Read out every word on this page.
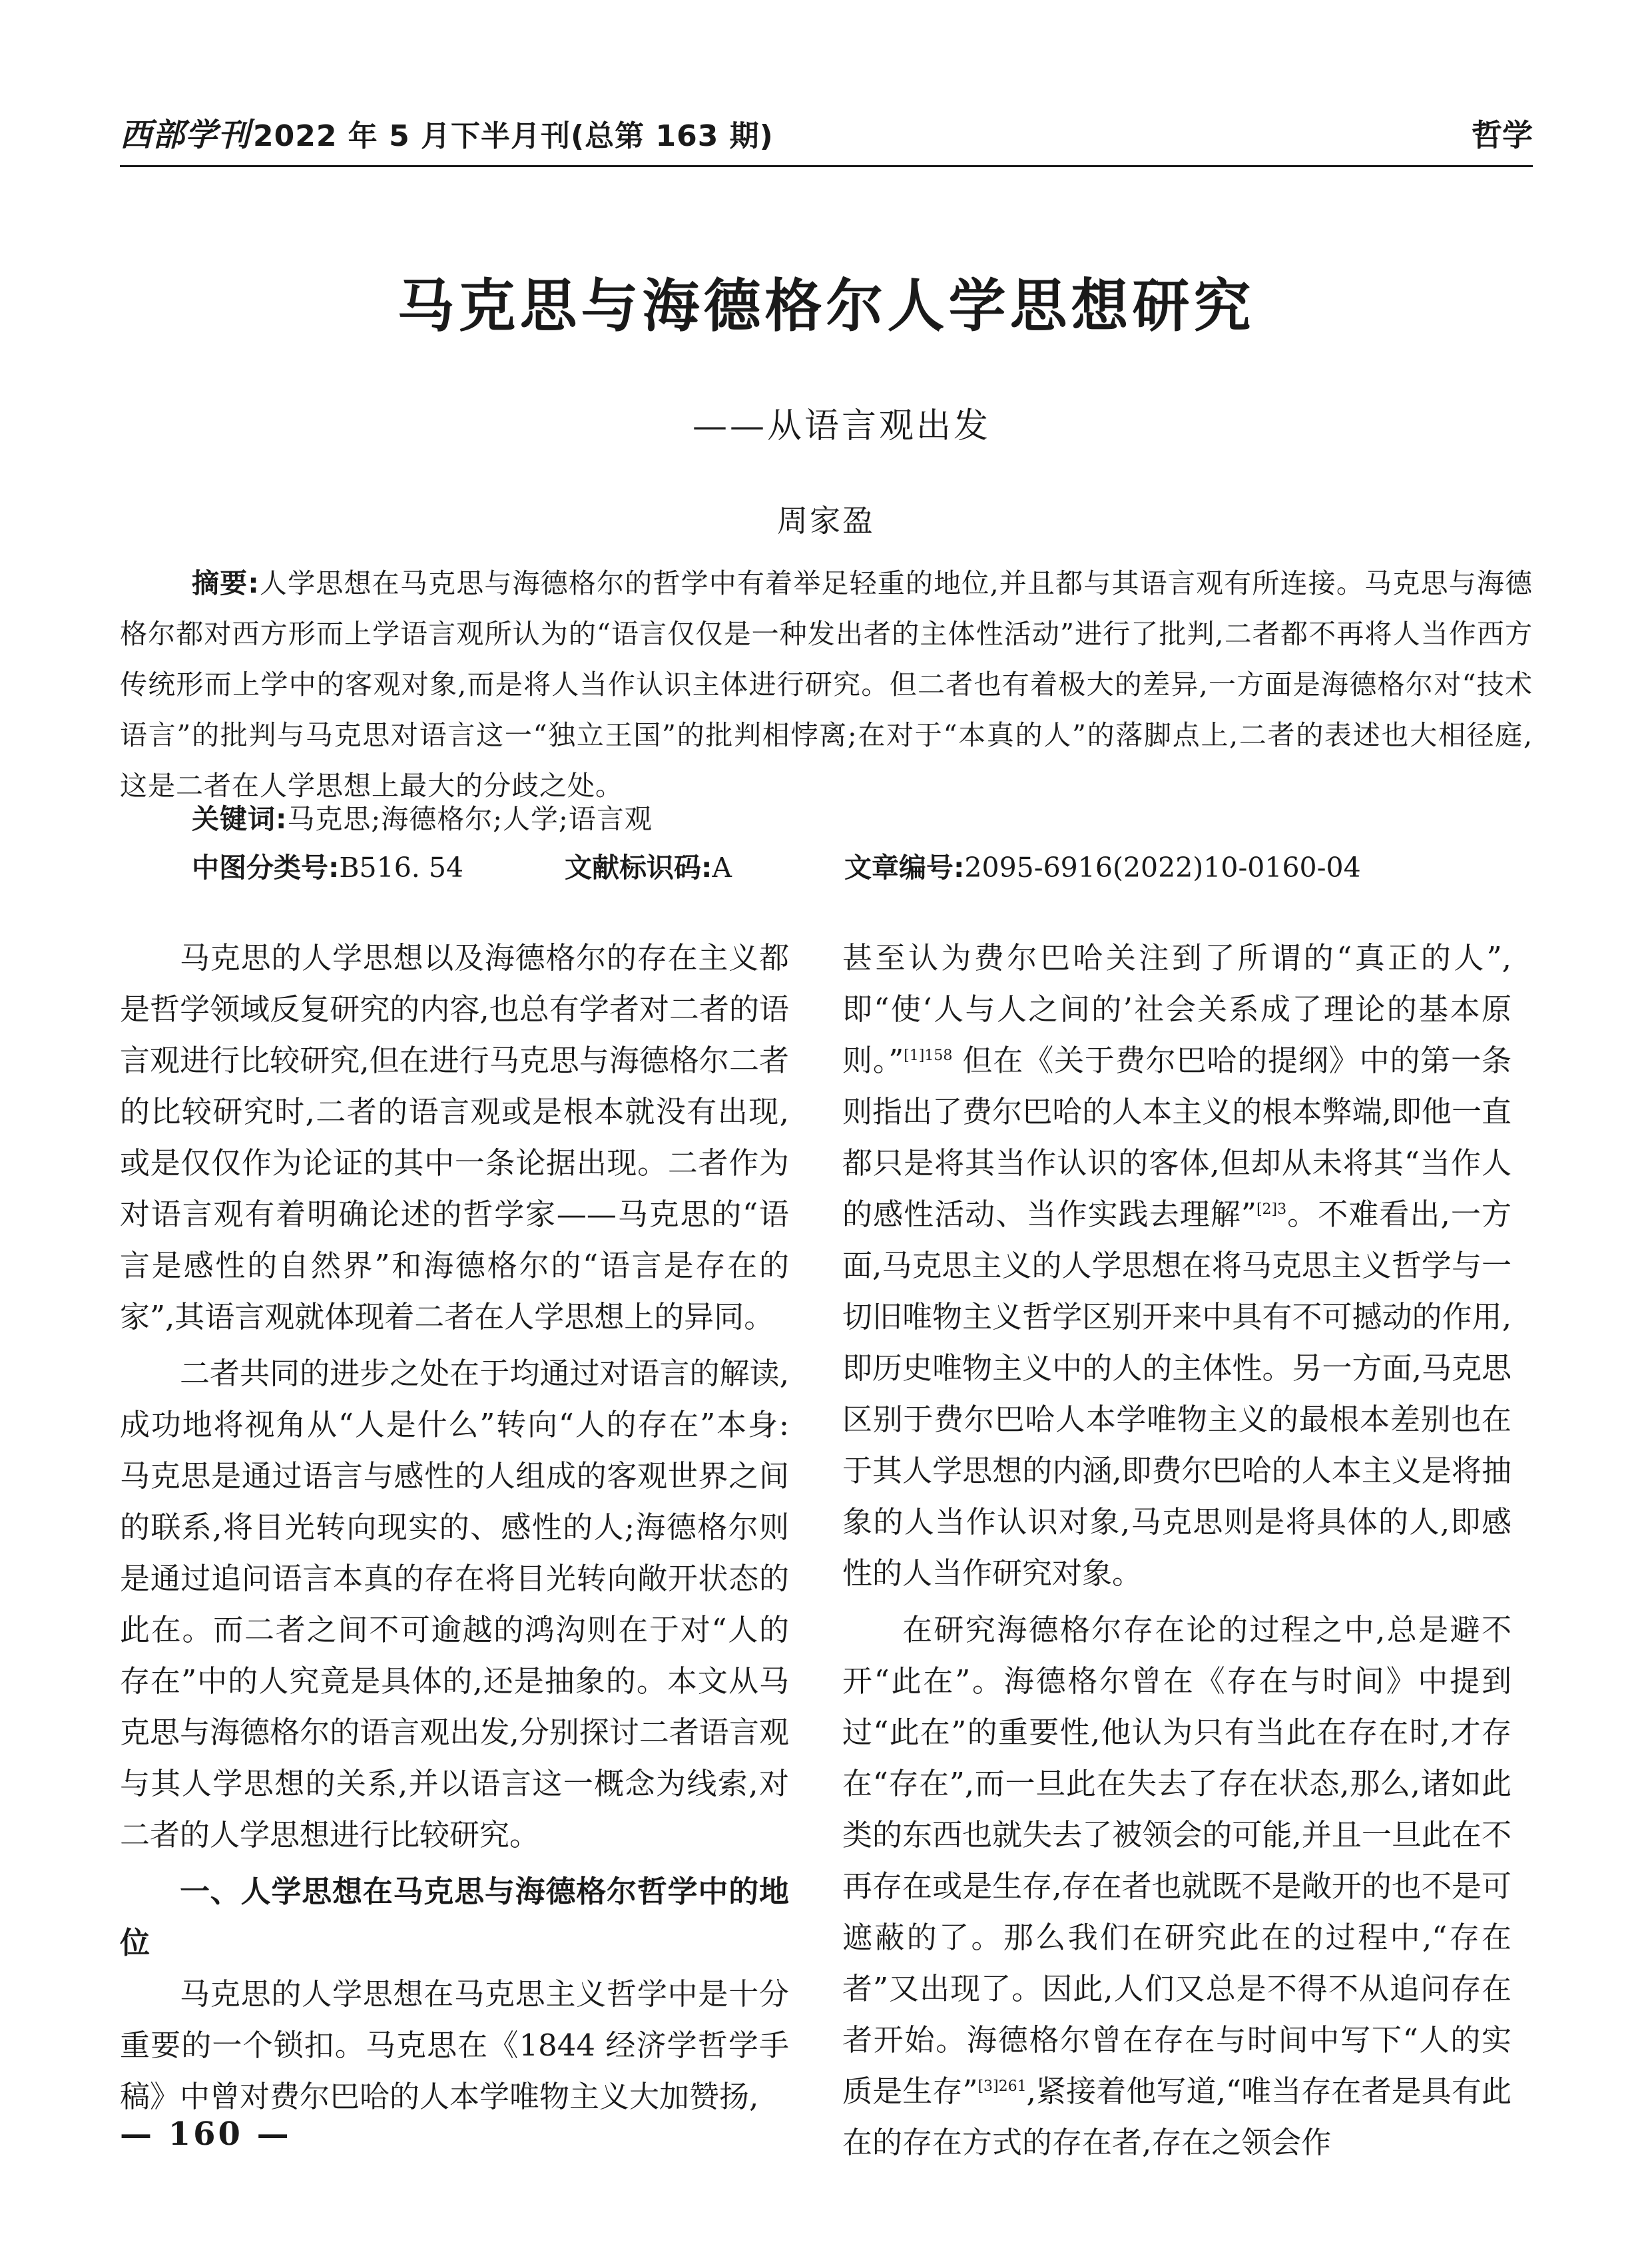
西部学刊2022 年 5 月下半月刊(总第 163 期)	哲学
马克思与海德格尔人学思想研究
——从语言观出发
周家盈

摘要:人学思想在马克思与海德格尔的哲学中有着举足轻重的地位,并且都与其语言观有所连接。马克思与海德格尔都对西方形而上学语言观所认为的“语言仅仅是一种发出者的主体性活动”进行了批判,二者都不再将人当作西方传统形而上学中的客观对象,而是将人当作认识主体进行研究。但二者也有着极大的差异,一方面是海德格尔对“技术语言”的批判与马克思对语言这一“独立王国”的批判相悖离;在对于“本真的人”的落脚点上,二者的表述也大相径庭,这是二者在人学思想上最大的分歧之处。

关键词:马克思;海德格尔;人学;语言观
中图分类号:B516. 54	文献标识码:A	文章编号:2095-6916(2022)10-0160-04

马克思的人学思想以及海德格尔的存在主义都是哲学领域反复研究的内容,也总有学者对二者的语言观进行比较研究,但在进行马克思与海德格尔二者的比较研究时,二者的语言观或是根本就没有出现,或是仅仅作为论证的其中一条论据出现。二者作为对语言观有着明确论述的哲学家——马克思的“语言是感性的自然界”和海德格尔的“语言是存在的家”,其语言观就体现着二者在人学思想上的异同。

二者共同的进步之处在于均通过对语言的解读,成功地将视角从“人是什么”转向“人的存在”本身:马克思是通过语言与感性的人组成的客观世界之间的联系,将目光转向现实的、感性的人;海德格尔则是通过追问语言本真的存在将目光转向敞开状态的此在。而二者之间不可逾越的鸿沟则在于对“人的存在”中的人究竟是具体的,还是抽象的。本文从马克思与海德格尔的语言观出发,分别探讨二者语言观与其人学思想的关系,并以语言这一概念为线索,对二者的人学思想进行比较研究。

一、人学思想在马克思与海德格尔哲学中的地位

马克思的人学思想在马克思主义哲学中是十分重要的一个锁扣。马克思在《1844 经济学哲学手稿》中曾对费尔巴哈的人本学唯物主义大加赞扬,

甚至认为费尔巴哈关注到了所谓的“真正的人”,即“使‘人与人之间的’社会关系成了理论的基本原则。”$^{[1]158}$ 但在《关于费尔巴哈的提纲》中的第一条则指出了费尔巴哈的人本主义的根本弊端,即他一直都只是将其当作认识的客体,但却从未将其“当作人的感性活动、当作实践去理解”$^{[2]3}$。不难看出,一方面,马克思主义的人学思想在将马克思主义哲学与一切旧唯物主义哲学区别开来中具有不可撼动的作用,即历史唯物主义中的人的主体性。另一方面,马克思区别于费尔巴哈人本学唯物主义的最根本差别也在于其人学思想的内涵,即费尔巴哈的人本主义是将抽象的人当作认识对象,马克思则是将具体的人,即感性的人当作研究对象。

在研究海德格尔存在论的过程之中,总是避不开“此在”。海德格尔曾在《存在与时间》中提到过“此在”的重要性,他认为只有当此在存在时,才存在“存在”,而一旦此在失去了存在状态,那么,诸如此类的东西也就失去了被领会的可能,并且一旦此在不再存在或是生存,存在者也就既不是敞开的也不是可遮蔽的了。那么我们在研究此在的过程中,“存在者”又出现了。因此,人们又总是不得不从追问存在者开始。海德格尔曾在存在与时间中写下“人的实质是生存”$^{[3]261}$,紧接着他写道,“唯当存在者是具有此在的存在方式的存在者,存在之领会作

— 160 —
